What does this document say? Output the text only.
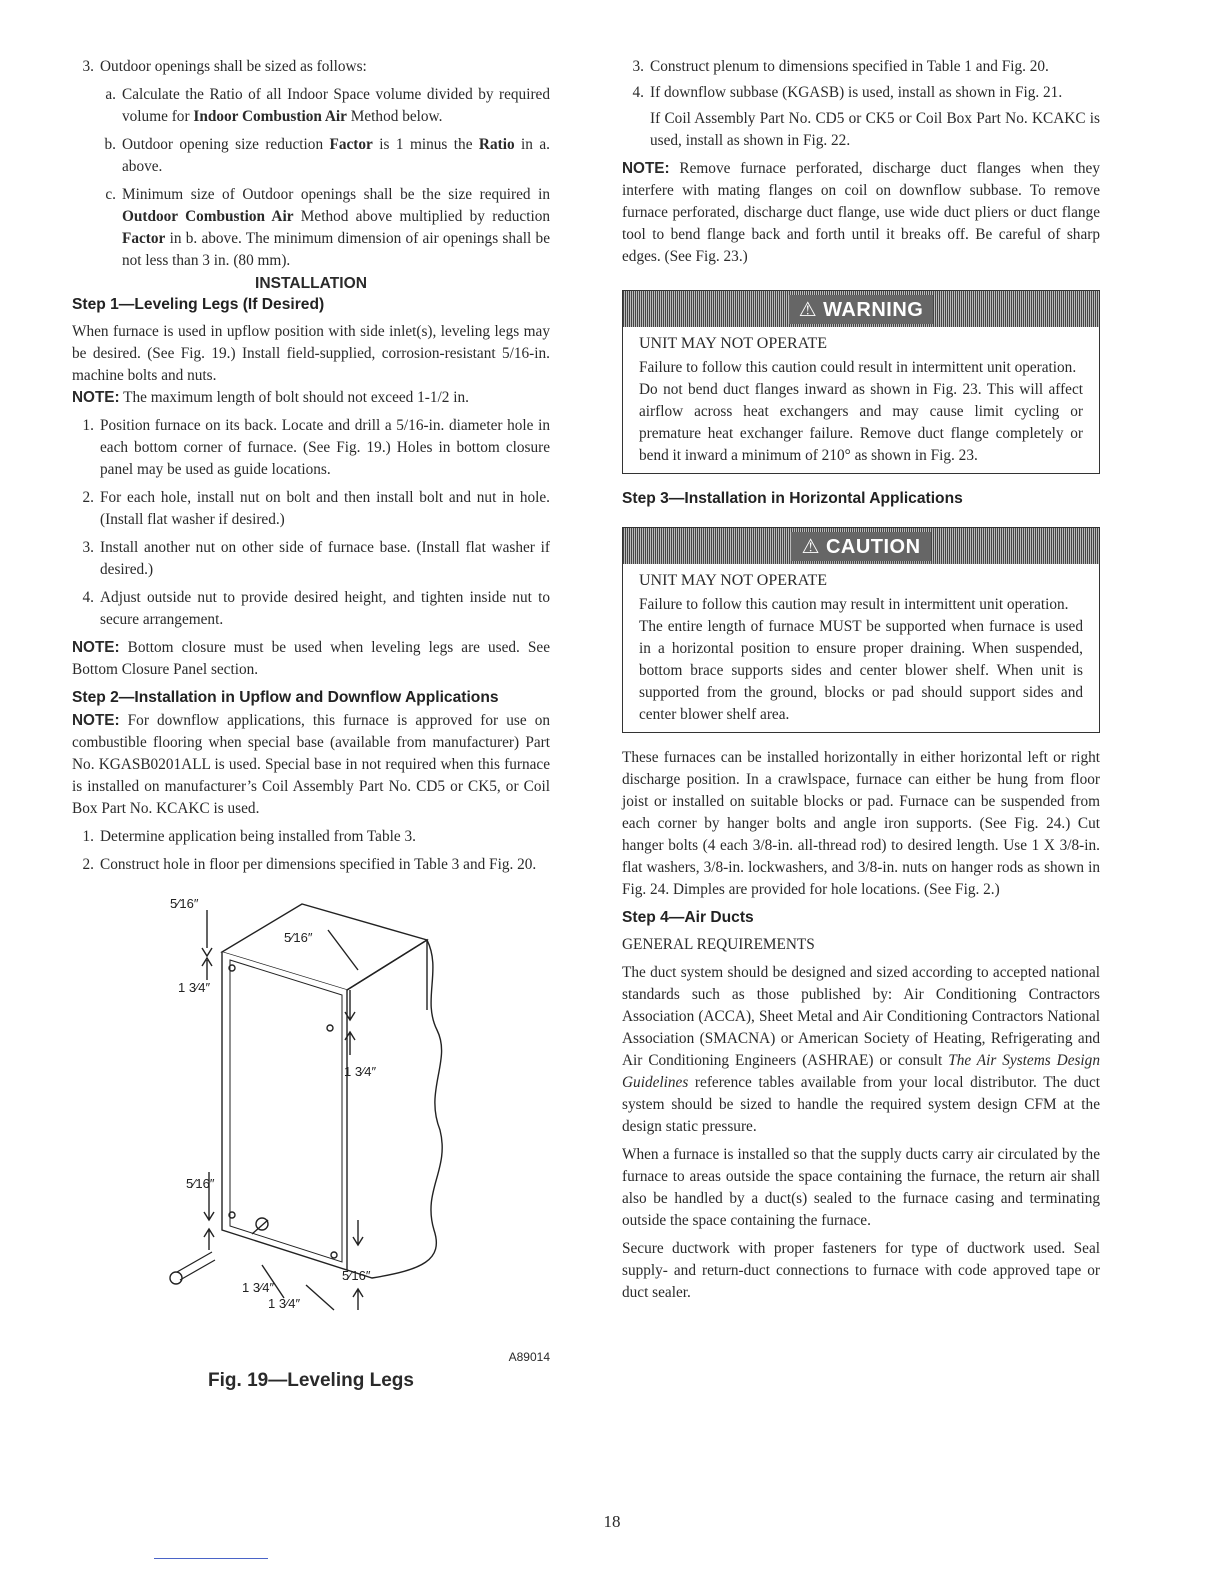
3. Outdoor openings shall be sized as follows:
a. Calculate the Ratio of all Indoor Space volume divided by required volume for Indoor Combustion Air Method below.
b. Outdoor opening size reduction Factor is 1 minus the Ratio in a. above.
c. Minimum size of Outdoor openings shall be the size required in Outdoor Combustion Air Method above multiplied by reduction Factor in b. above. The minimum dimension of air openings shall be not less than 3 in. (80 mm).
INSTALLATION
Step 1—Leveling Legs (If Desired)

When furnace is used in upflow position with side inlet(s), leveling legs may be desired. (See Fig. 19.) Install field-supplied, corrosion-resistant 5/16-in. machine bolts and nuts.

NOTE: The maximum length of bolt should not exceed 1-1/2 in.

1. Position furnace on its back. Locate and drill a 5/16-in. diameter hole in each bottom corner of furnace. (See Fig. 19.) Holes in bottom closure panel may be used as guide locations.
2. For each hole, install nut on bolt and then install bolt and nut in hole. (Install flat washer if desired.)
3. Install another nut on other side of furnace base. (Install flat washer if desired.)
4. Adjust outside nut to provide desired height, and tighten inside nut to secure arrangement.

NOTE: Bottom closure must be used when leveling legs are used. See Bottom Closure Panel section.

Step 2—Installation in Upflow and Downflow Applications

NOTE: For downflow applications, this furnace is approved for use on combustible flooring when special base (available from manufacturer) Part No. KGASB0201ALL is used. Special base in not required when this furnace is installed on manufacturer’s Coil Assembly Part No. CD5 or CK5, or Coil Box Part No. KCAKC is used.

1. Determine application being installed from Table 3.
2. Construct hole in floor per dimensions specified in Table 3 and Fig. 20.
5⁄16″
1 3⁄4″
5⁄16″
1 3⁄4″
5⁄16″
5⁄16″
1 3⁄4″
1 3⁄4″
A89014
Fig. 19—Leveling Legs
3. Construct plenum to dimensions specified in Table 1 and Fig. 20.
4. If downflow subbase (KGASB) is used, install as shown in Fig. 21.

If Coil Assembly Part No. CD5 or CK5 or Coil Box Part No. KCAKC is used, install as shown in Fig. 22.

NOTE: Remove furnace perforated, discharge duct flanges when they interfere with mating flanges on coil on downflow subbase. To remove furnace perforated, discharge duct flange, use wide duct pliers or duct flange tool to bend flange back and forth until it breaks off. Be careful of sharp edges. (See Fig. 23.)

⚠ WARNING

UNIT MAY NOT OPERATE

Failure to follow this caution could result in intermittent unit operation.

Do not bend duct flanges inward as shown in Fig. 23. This will affect airflow across heat exchangers and may cause limit cycling or premature heat exchanger failure. Remove duct flange completely or bend it inward a minimum of 210° as shown in Fig. 23.

Step 3—Installation in Horizontal Applications
⚠ CAUTION

UNIT MAY NOT OPERATE

Failure to follow this caution may result in intermittent unit operation.

The entire length of furnace MUST be supported when furnace is used in a horizontal position to ensure proper draining. When suspended, bottom brace supports sides and center blower shelf. When unit is supported from the ground, blocks or pad should support sides and center blower shelf area.

These furnaces can be installed horizontally in either horizontal left or right discharge position. In a crawlspace, furnace can either be hung from floor joist or installed on suitable blocks or pad. Furnace can be suspended from each corner by hanger bolts and angle iron supports. (See Fig. 24.) Cut hanger bolts (4 each 3/8-in. all-thread rod) to desired length. Use 1 X 3/8-in. flat washers, 3/8-in. lockwashers, and 3/8-in. nuts on hanger rods as shown in Fig. 24. Dimples are provided for hole locations. (See Fig. 2.)

Step 4—Air Ducts

GENERAL REQUIREMENTS

The duct system should be designed and sized according to accepted national standards such as those published by: Air Conditioning Contractors Association (ACCA), Sheet Metal and Air Conditioning Contractors National Association (SMACNA) or American Society of Heating, Refrigerating and Air Conditioning Engineers (ASHRAE) or consult The Air Systems Design Guidelines reference tables available from your local distributor. The duct system should be sized to handle the required system design CFM at the design static pressure.

When a furnace is installed so that the supply ducts carry air circulated by the furnace to areas outside the space containing the furnace, the return air shall also be handled by a duct(s) sealed to the furnace casing and terminating outside the space containing the furnace.

Secure ductwork with proper fasteners for type of ductwork used. Seal supply- and return-duct connections to furnace with code approved tape or duct sealer.

18
